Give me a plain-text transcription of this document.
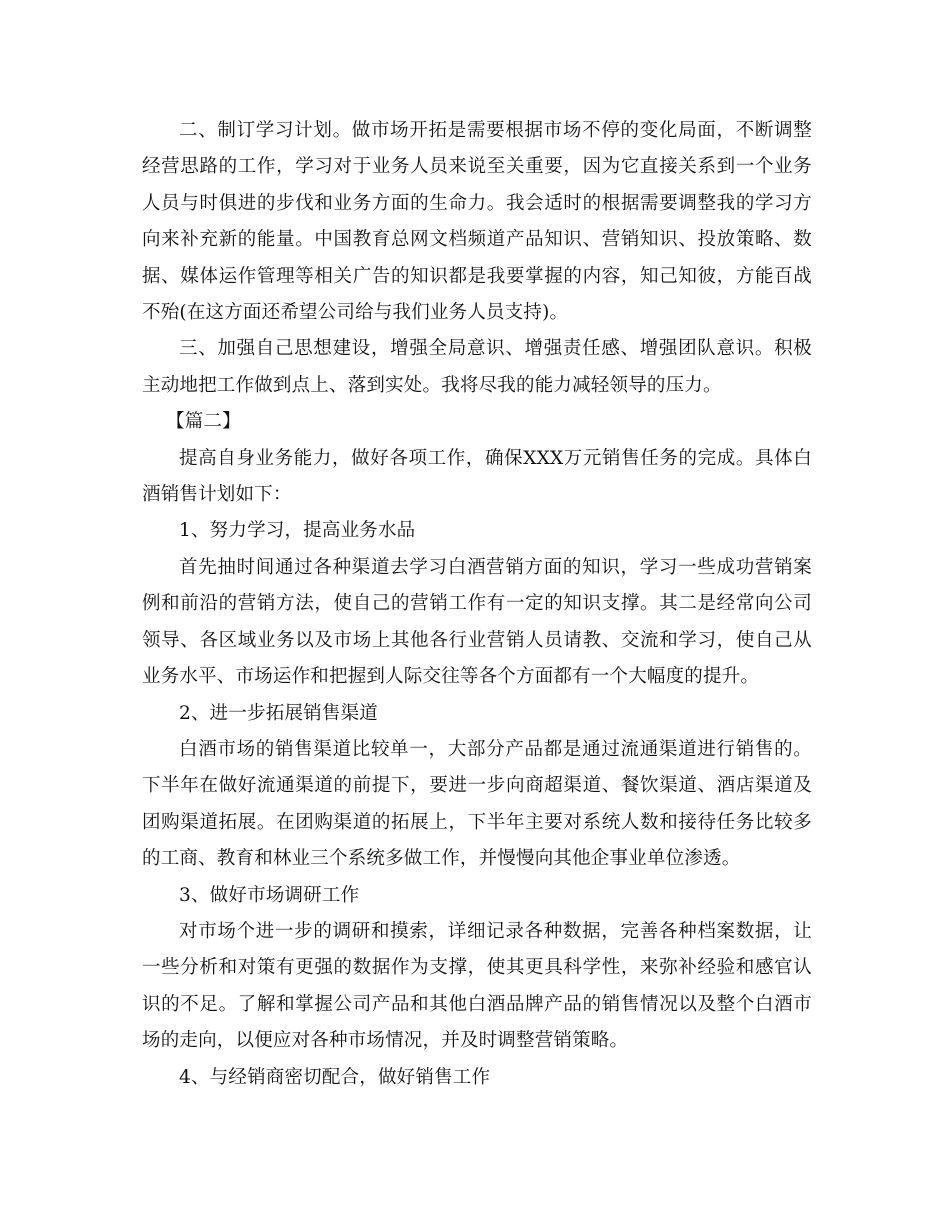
二、制订学习计划。做市场开拓是需要根据市场不停的变化局面，不断调整经营思路的工作，学习对于业务人员来说至关重要，因为它直接关系到一个业务人员与时俱进的步伐和业务方面的生命力。我会适时的根据需要调整我的学习方向来补充新的能量。中国教育总网文档频道产品知识、营销知识、投放策略、数据、媒体运作管理等相关广告的知识都是我要掌握的内容，知己知彼，方能百战不殆(在这方面还希望公司给与我们业务人员支持)。

三、加强自己思想建设，增强全局意识、增强责任感、增强团队意识。积极主动地把工作做到点上、落到实处。我将尽我的能力减轻领导的压力。

【篇二】

提高自身业务能力，做好各项工作，确保XXX万元销售任务的完成。具体白酒销售计划如下：

1、努力学习，提高业务水品

首先抽时间通过各种渠道去学习白酒营销方面的知识，学习一些成功营销案例和前沿的营销方法，使自己的营销工作有一定的知识支撑。其二是经常向公司领导、各区域业务以及市场上其他各行业营销人员请教、交流和学习，使自己从业务水平、市场运作和把握到人际交往等各个方面都有一个大幅度的提升。

2、进一步拓展销售渠道

白酒市场的销售渠道比较单一，大部分产品都是通过流通渠道进行销售的。下半年在做好流通渠道的前提下，要进一步向商超渠道、餐饮渠道、酒店渠道及团购渠道拓展。在团购渠道的拓展上，下半年主要对系统人数和接待任务比较多的工商、教育和林业三个系统多做工作，并慢慢向其他企事业单位渗透。

3、做好市场调研工作

对市场个进一步的调研和摸索，详细记录各种数据，完善各种档案数据，让一些分析和对策有更强的数据作为支撑，使其更具科学性，来弥补经验和感官认识的不足。了解和掌握公司产品和其他白酒品牌产品的销售情况以及整个白酒市场的走向，以便应对各种市场情况，并及时调整营销策略。

4、与经销商密切配合，做好销售工作
